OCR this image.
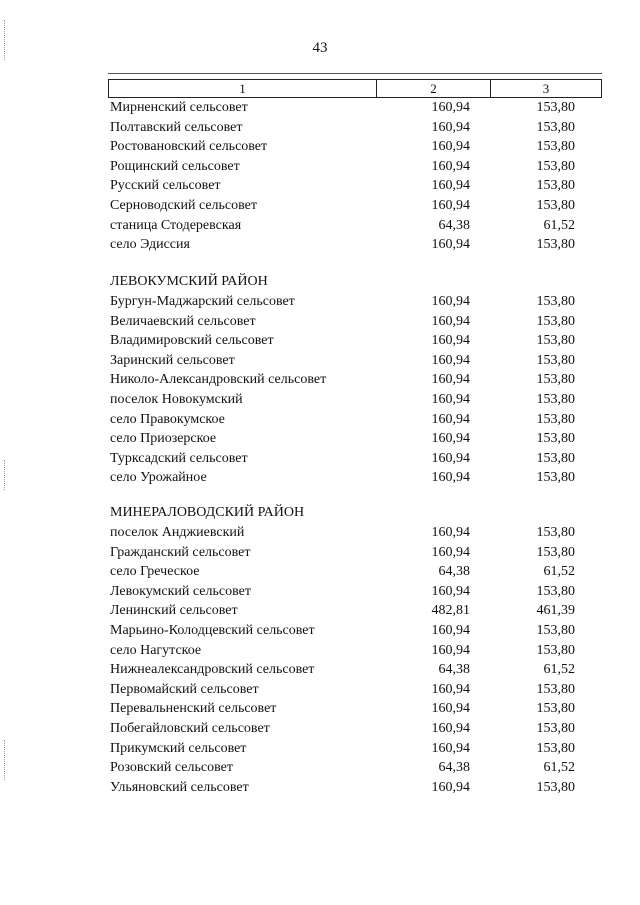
43
1	2	3
Мирненский сельсовет	160,94	153,80
Полтавский сельсовет	160,94	153,80
Ростовановский сельсовет	160,94	153,80
Рощинский сельсовет	160,94	153,80
Русский сельсовет	160,94	153,80
Серноводский сельсовет	160,94	153,80
станица Стодеревская	64,38	61,52
село Эдиссия	160,94	153,80
ЛЕВОКУМСКИЙ РАЙОН
Бургун-Маджарский сельсовет	160,94	153,80
Величаевский сельсовет	160,94	153,80
Владимировский сельсовет	160,94	153,80
Заринский сельсовет	160,94	153,80
Николо-Александровский сельсовет	160,94	153,80
поселок Новокумский	160,94	153,80
село Правокумское	160,94	153,80
село Приозерское	160,94	153,80
Турксадский сельсовет	160,94	153,80
село Урожайное	160,94	153,80
МИНЕРАЛОВОДСКИЙ РАЙОН
поселок Анджиевский	160,94	153,80
Гражданский сельсовет	160,94	153,80
село Греческое	64,38	61,52
Левокумский сельсовет	160,94	153,80
Ленинский сельсовет	482,81	461,39
Марьино-Колодцевский сельсовет	160,94	153,80
село Нагутское	160,94	153,80
Нижнеалександровский сельсовет	64,38	61,52
Первомайский сельсовет	160,94	153,80
Перевальненский сельсовет	160,94	153,80
Побегайловский сельсовет	160,94	153,80
Прикумский сельсовет	160,94	153,80
Розовский сельсовет	64,38	61,52
Ульяновский сельсовет	160,94	153,80
